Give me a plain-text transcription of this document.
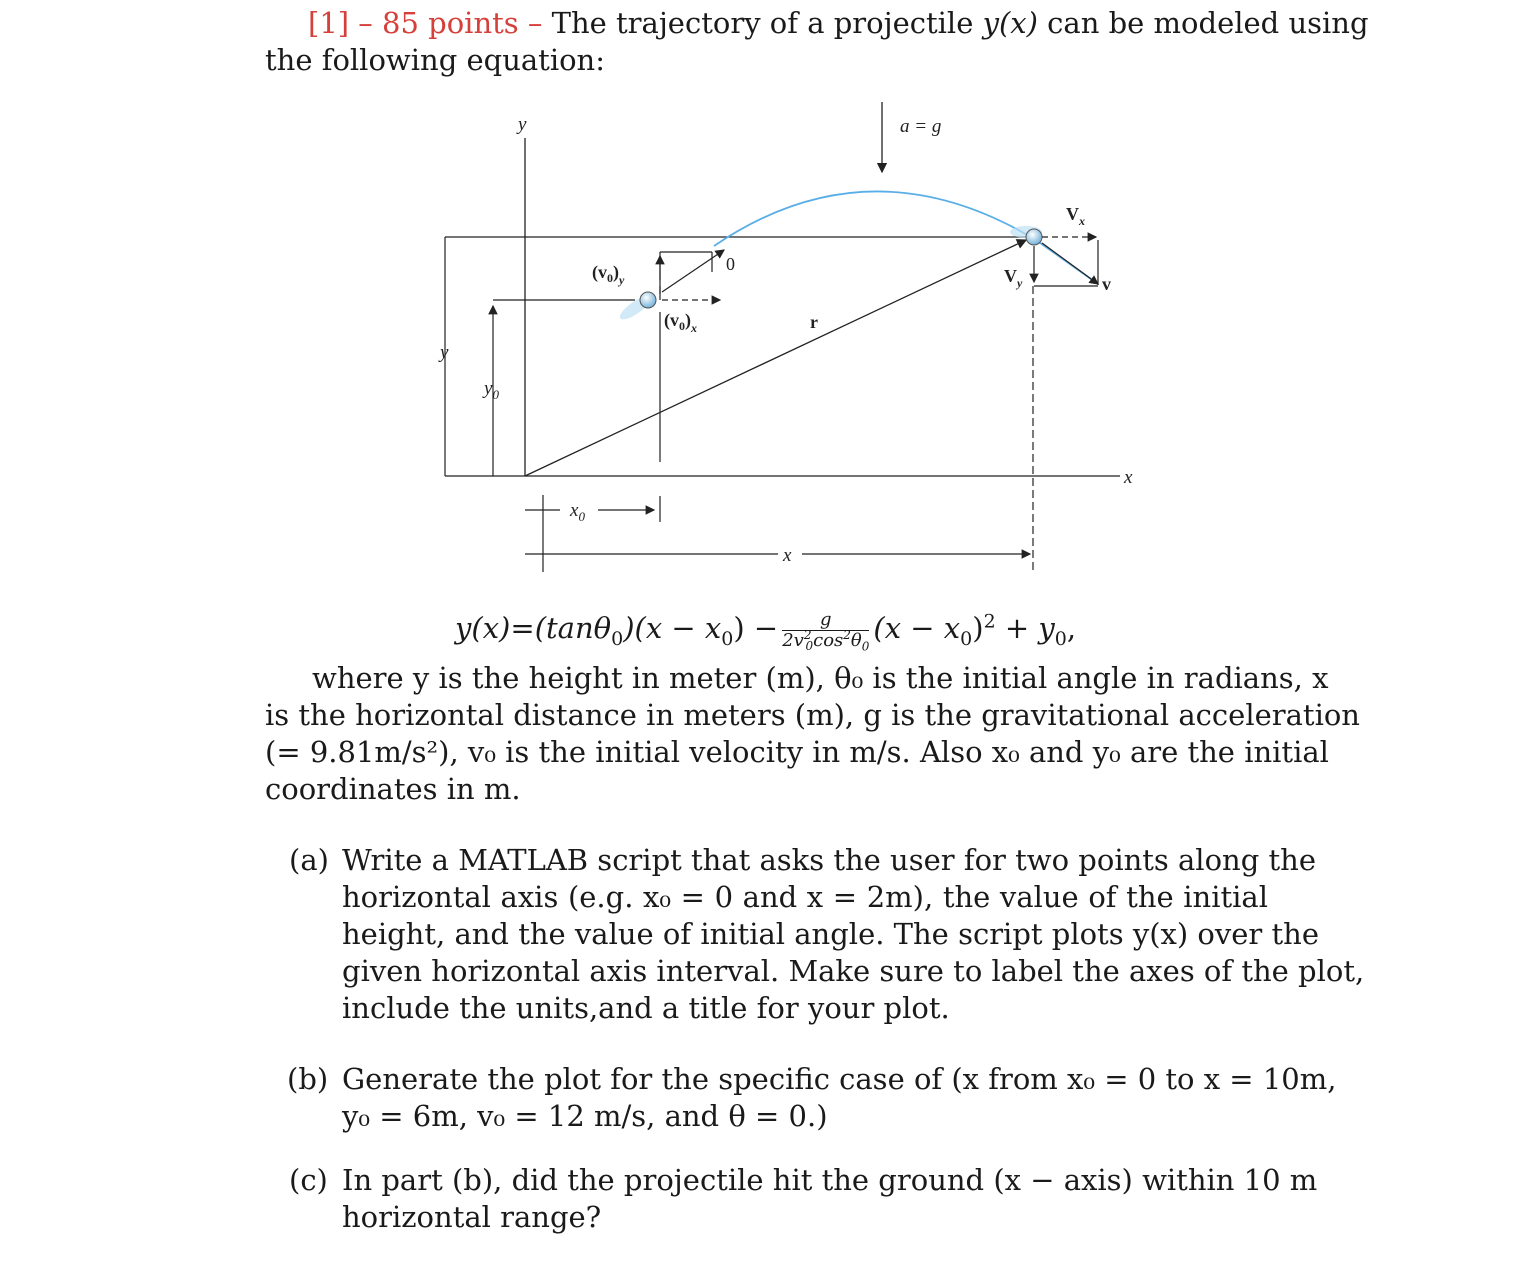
[1] – 85 points – The trajectory of a projectile y(x) can be modeled using
the following equation:
y
x
a = g
y
$y_0$
$(v_0)_y$
0
$(v_0)_x$
$x_0$
x
r
$V_x$
$V_y$	v
$y(x)=(\tan\theta_0)(x - x_0) - \frac{g}{2v^2_0\cos^2\theta_0} (x - x_0)^2 + y_0$,
where y is the height in meter (m), θ₀ is the initial angle in radians, x
is the horizontal distance in meters (m), g is the gravitational acceleration
(= 9.81m/s²), v₀ is the initial velocity in m/s. Also x₀ and y₀ are the initial
coordinates in m.
(a) Write a MATLAB script that asks the user for two points along the
horizontal axis (e.g. x₀ = 0 and x = 2m), the value of the initial
height, and the value of initial angle. The script plots y(x) over the
given horizontal axis interval. Make sure to label the axes of the plot,
include the units,and a title for your plot.
(b) Generate the plot for the specific case of (x from x₀ = 0 to x = 10m,
y₀ = 6m, v₀ = 12 m/s, and θ = 0.)
(c) In part (b), did the projectile hit the ground (x − axis) within 10 m
horizontal range?
